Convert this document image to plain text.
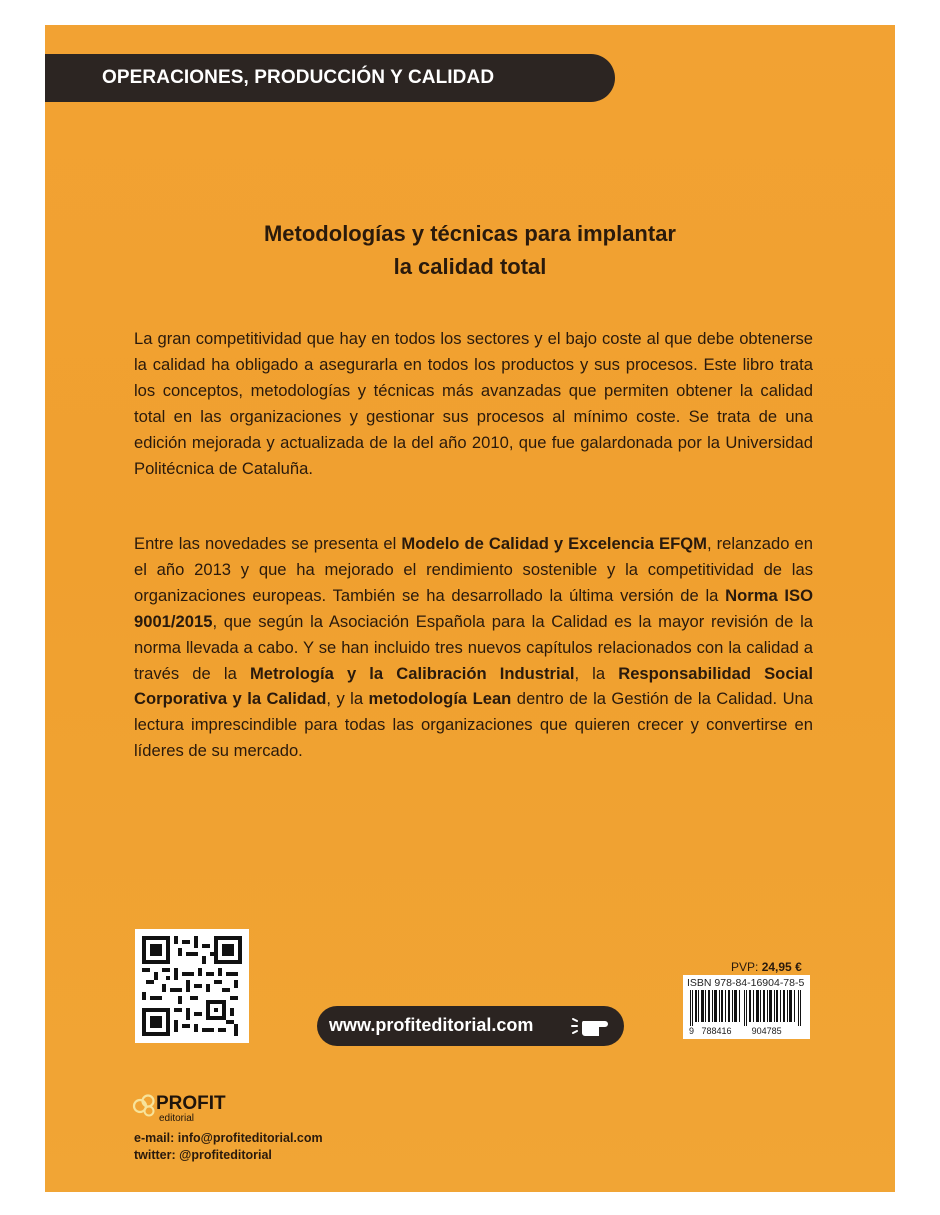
OPERACIONES, PRODUCCIÓN Y CALIDAD
Metodologías y técnicas para implantar
la calidad total
La gran competitividad que hay en todos los sectores y el bajo coste al que debe obtenerse la calidad ha obligado a asegurarla en todos los productos y sus procesos. Este libro trata los conceptos, metodologías y técnicas más avanzadas que permiten obtener la calidad total en las organizaciones y gestionar sus procesos al mínimo coste. Se trata de una edición mejorada y actualizada de la del año 2010, que fue galardonada por la Universidad Politécnica de Cataluña.
Entre las novedades se presenta el Modelo de Calidad y Excelencia EFQM, relanzado en el año 2013 y que ha mejorado el rendimiento sostenible y la competitividad de las organizaciones europeas. También se ha desarrollado la última versión de la Norma ISO 9001/2015, que según la Asociación Española para la Calidad es la mayor revisión de la norma llevada a cabo. Y se han incluido tres nuevos capítulos relacionados con la calidad a través de la Metrología y la Calibración Industrial, la Responsabilidad Social Corporativa y la Calidad, y la metodología Lean dentro de la Gestión de la Calidad. Una lectura imprescindible para todas las organizaciones que quieren crecer y convertirse en líderes de su mercado.
www.profiteditorial.com
PVP: 24,95 €
ISBN 978-84-16904-78-5
9 788416 904785
PROFIT
editorial
e-mail: info@profiteditorial.com
twitter: @profiteditorial
